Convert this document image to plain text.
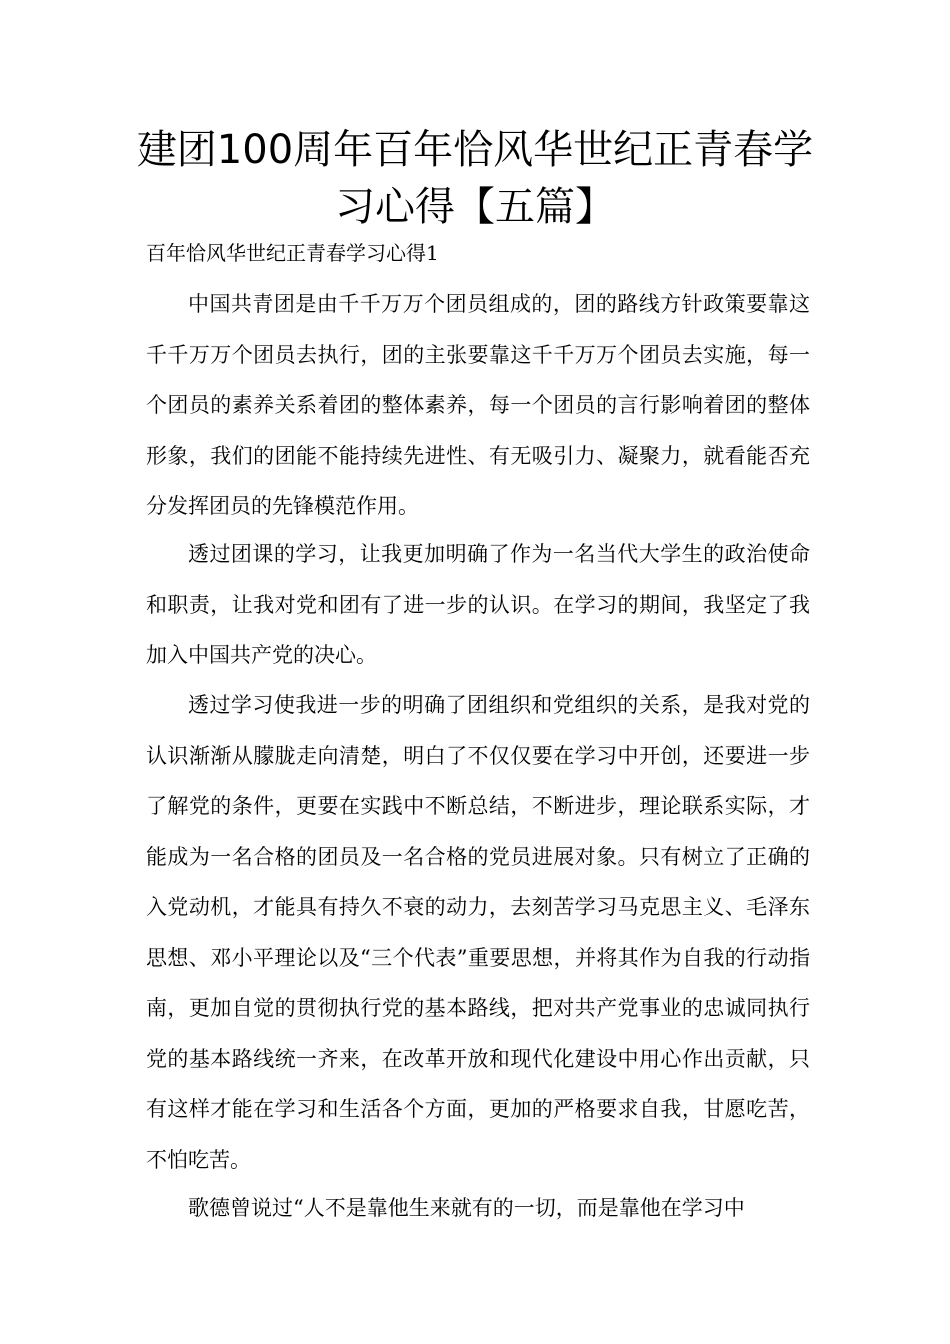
建团100周年百年恰风华世纪正青春学习心得【五篇】
百年恰风华世纪正青春学习心得1

中国共青团是由千千万万个团员组成的，团的路线方针政策要靠这千千万万个团员去执行，团的主张要靠这千千万万个团员去实施，每一个团员的素养关系着团的整体素养，每一个团员的言行影响着团的整体形象，我们的团能不能持续先进性、有无吸引力、凝聚力，就看能否充分发挥团员的先锋模范作用。

透过团课的学习，让我更加明确了作为一名当代大学生的政治使命和职责，让我对党和团有了进一步的认识。在学习的期间，我坚定了我加入中国共产党的决心。

透过学习使我进一步的明确了团组织和党组织的关系，是我对党的认识渐渐从朦胧走向清楚，明白了不仅仅要在学习中开创，还要进一步了解党的条件，更要在实践中不断总结，不断进步，理论联系实际，才能成为一名合格的团员及一名合格的党员进展对象。只有树立了正确的入党动机，才能具有持久不衰的动力，去刻苦学习马克思主义、毛泽东思想、邓小平理论以及“三个代表”重要思想，并将其作为自我的行动指南，更加自觉的贯彻执行党的基本路线，把对共产党事业的忠诚同执行党的基本路线统一齐来，在改革开放和现代化建设中用心作出贡献，只有这样才能在学习和生活各个方面，更加的严格要求自我，甘愿吃苦，不怕吃苦。

歌德曾说过“人不是靠他生来就有的一切，而是靠他在学习中
